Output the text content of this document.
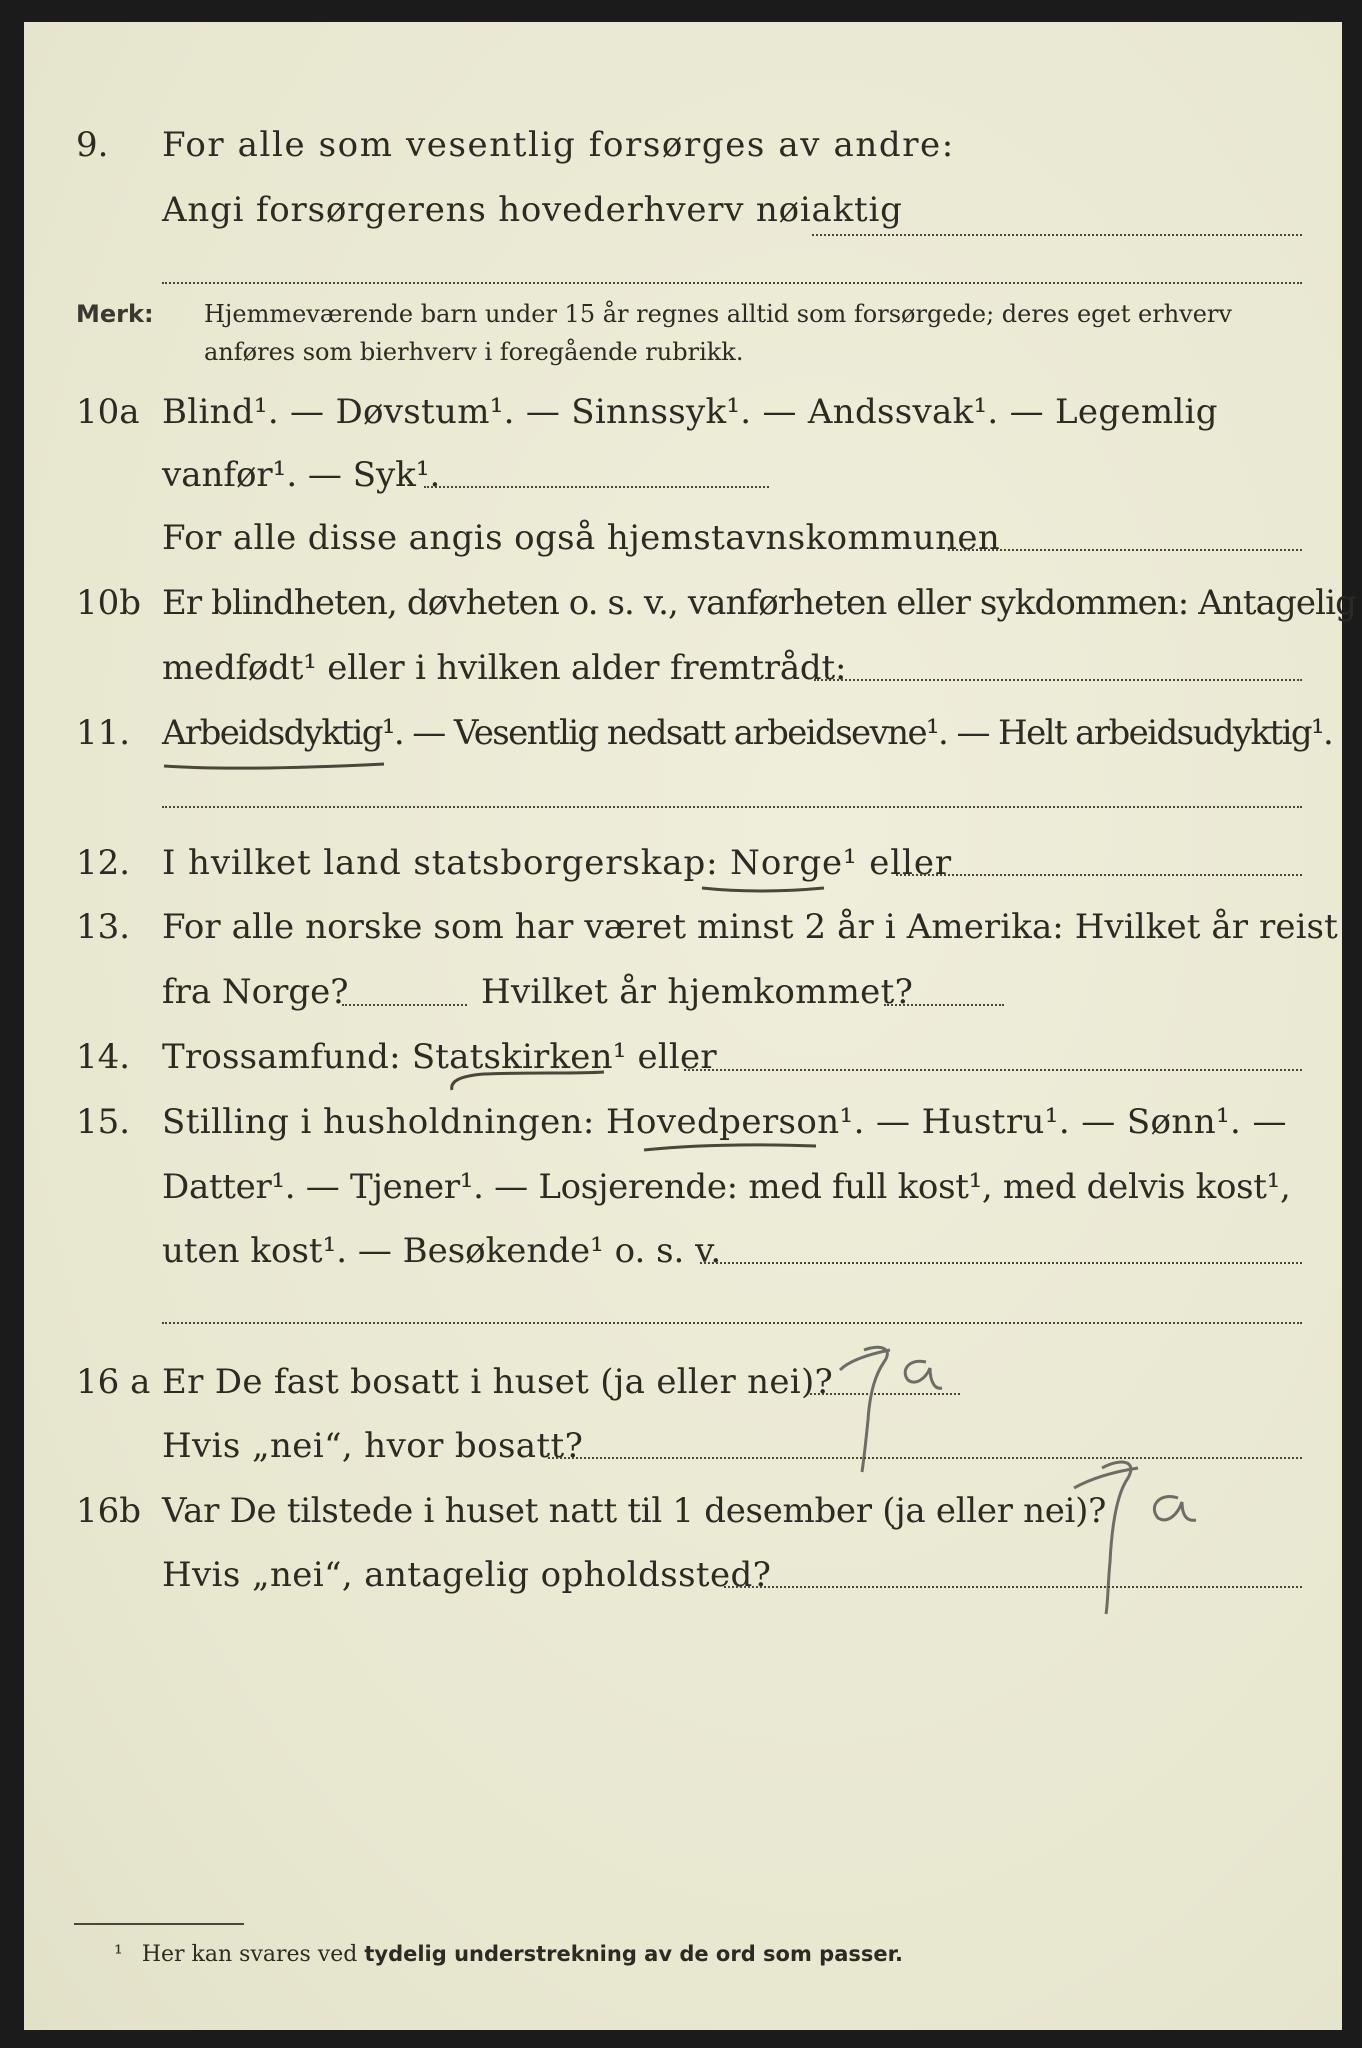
9. For alle som vesentlig forsørges av andre:
Angi forsørgerens hovederhverv nøiaktig
Merk: Hjemmeværende barn under 15 år regnes alltid som forsørgede; deres eget erhverv
anføres som bierhverv i foregående rubrikk.
10a Blind¹. — Døvstum¹. — Sinnssyk¹. — Andssvak¹. — Legemlig
vanfør¹. — Syk¹.
For alle disse angis også hjemstavnskommunen
10b Er blindheten, døvheten o. s. v., vanførheten eller sykdommen: Antagelig
medfødt¹ eller i hvilken alder fremtrådt:
11. Arbeidsdyktig¹. — Vesentlig nedsatt arbeidsevne¹. — Helt arbeidsudyktig¹.
12. I hvilket land statsborgerskap: Norge¹ eller
13. For alle norske som har været minst 2 år i Amerika: Hvilket år reist
fra Norge?	Hvilket år hjemkommet?
14. Trossamfund: Statskirken¹ eller
15. Stilling i husholdningen: Hovedperson¹. — Hustru¹. — Sønn¹. —
Datter¹. — Tjener¹. — Losjerende: med full kost¹, med delvis kost¹,
uten kost¹. — Besøkende¹ o. s. v.
16 a Er De fast bosatt i huset (ja eller nei)?
Hvis „nei“, hvor bosatt?
16b Var De tilstede i huset natt til 1 desember (ja eller nei)?
Hvis „nei“, antagelig opholdssted?
¹ Her kan svares ved tydelig understrekning av de ord som passer.
